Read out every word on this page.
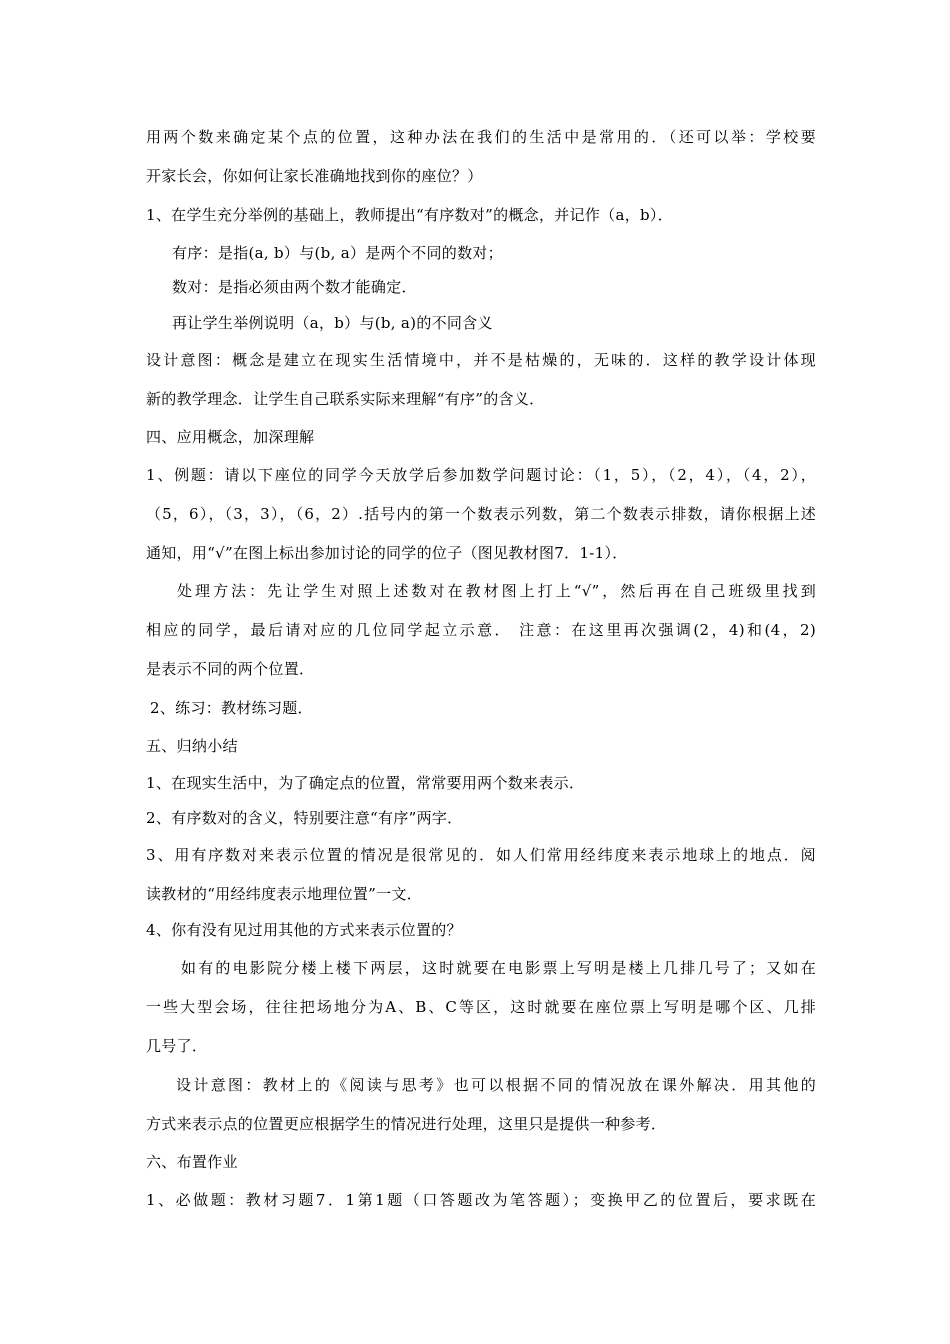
用两个数来确定某个点的位置，这种办法在我们的生活中是常用的．（还可以举：学校要
开家长会，你如何让家长准确地找到你的座位？）
1、在学生充分举例的基础上，教师提出“有序数对”的概念，并记作（a，b）．
有序：是指(a, b）与(b, a）是两个不同的数对；
数对：是指必须由两个数才能确定．
再让学生举例说明（a，b）与(b, a)的不同含义
设计意图：概念是建立在现实生活情境中，并不是枯燥的，无味的．这样的教学设计体现
新的教学理念．让学生自己联系实际来理解“有序”的含义．
四、应用概念，加深理解
1、例题：请以下座位的同学今天放学后参加数学问题讨论：（1，5），（2，4），（4，2），
（5，6），（3，3），（6，2）.括号内的第一个数表示列数，第二个数表示排数，请你根据上述
通知，用“√”在图上标出参加讨论的同学的位子（图见教材图7．1-1）．
处理方法：先让学生对照上述数对在教材图上打上“√”，然后再在自己班级里找到
相应的同学，最后请对应的几位同学起立示意． 注意：在这里再次强调(2，4)和(4，2)
是表示不同的两个位置．
2、练习：教材练习题．
五、归纳小结
1、在现实生活中，为了确定点的位置，常常要用两个数来表示．
2、有序数对的含义，特别要注意“有序”两字．
3、用有序数对来表示位置的情况是很常见的．如人们常用经纬度来表示地球上的地点．阅
读教材的“用经纬度表示地理位置”一文．
4、你有没有见过用其他的方式来表示位置的？
如有的电影院分楼上楼下两层，这时就要在电影票上写明是楼上几排几号了；又如在
一些大型会场，往往把场地分为A、B、C等区，这时就要在座位票上写明是哪个区、几排
几号了．
设计意图：教材上的《阅读与思考》也可以根据不同的情况放在课外解决．用其他的
方式来表示点的位置更应根据学生的情况进行处理，这里只是提供一种参考．
六、布置作业
1、必做题：教材习题7．1第1题（口答题改为笔答题）；变换甲乙的位置后，要求既在
